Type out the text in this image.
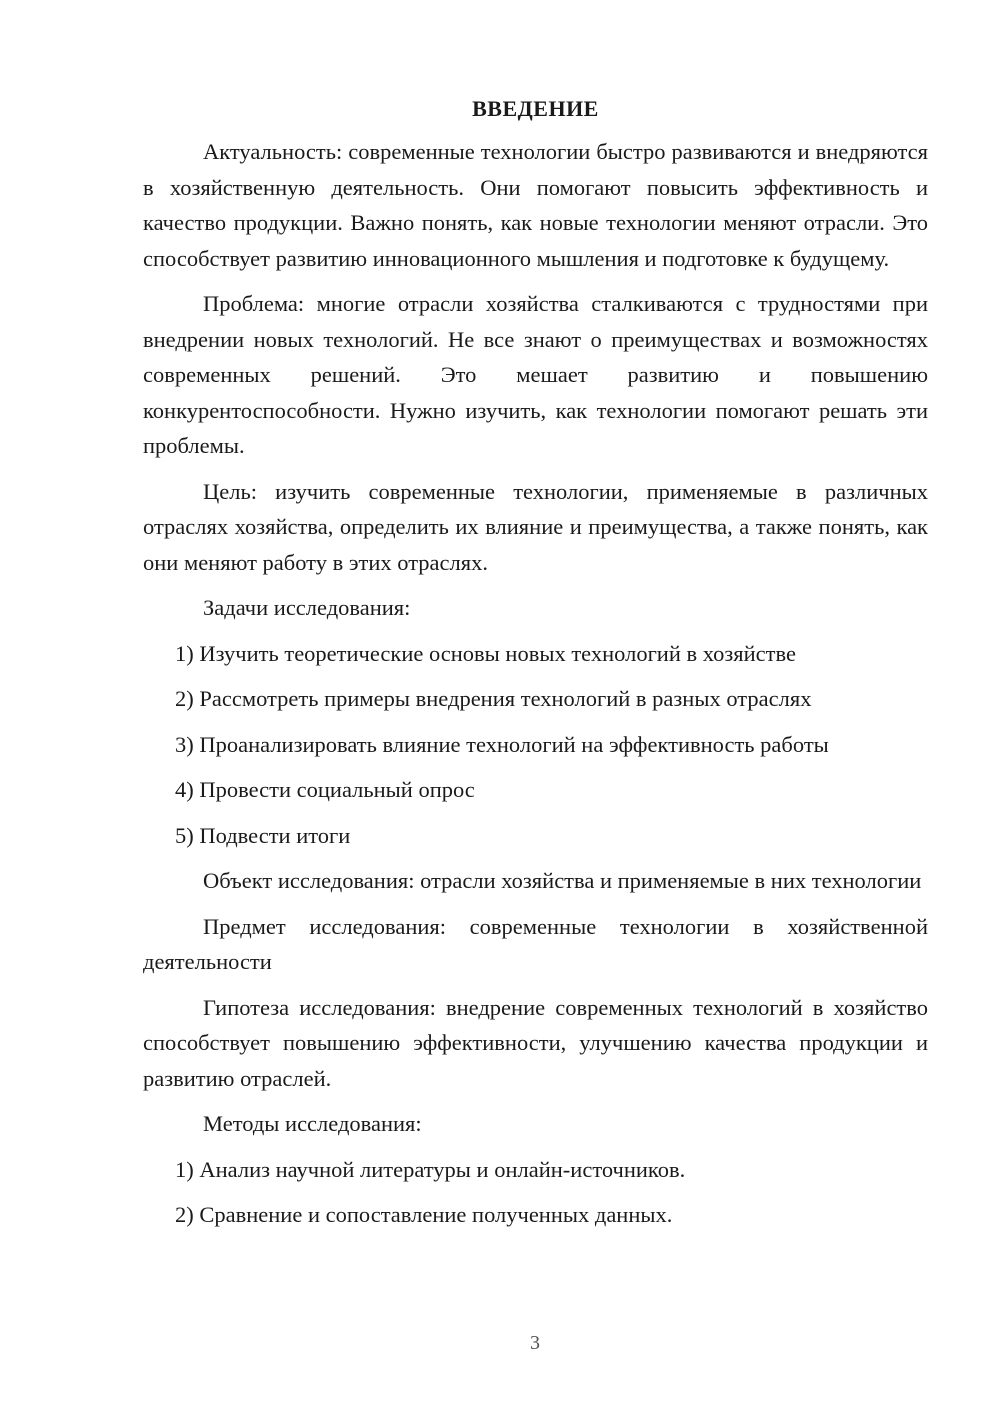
ВВЕДЕНИЕ

Актуальность: современные технологии быстро развиваются и внедряются в хозяйственную деятельность. Они помогают повысить эффективность и качество продукции. Важно понять, как новые технологии меняют отрасли. Это способствует развитию инновационного мышления и подготовке к будущему.

Проблема: многие отрасли хозяйства сталкиваются с трудностями при внедрении новых технологий. Не все знают о преимуществах и возможностях современных решений. Это мешает развитию и повышению конкурентоспособности. Нужно изучить, как технологии помогают решать эти проблемы.

Цель: изучить современные технологии, применяемые в различных отраслях хозяйства, определить их влияние и преимущества, а также понять, как они меняют работу в этих отраслях.

Задачи исследования:

1) Изучить теоретические основы новых технологий в хозяйстве
2) Рассмотреть примеры внедрения технологий в разных отраслях
3) Проанализировать влияние технологий на эффективность работы
4) Провести социальный опрос
5) Подвести итоги

Объект исследования: отрасли хозяйства и применяемые в них технологии

Предмет исследования: современные технологии в хозяйственной деятельности

Гипотеза исследования: внедрение современных технологий в хозяйство способствует повышению эффективности, улучшению качества продукции и развитию отраслей.

Методы исследования:

1) Анализ научной литературы и онлайн-источников.
2) Сравнение и сопоставление полученных данных.
3
